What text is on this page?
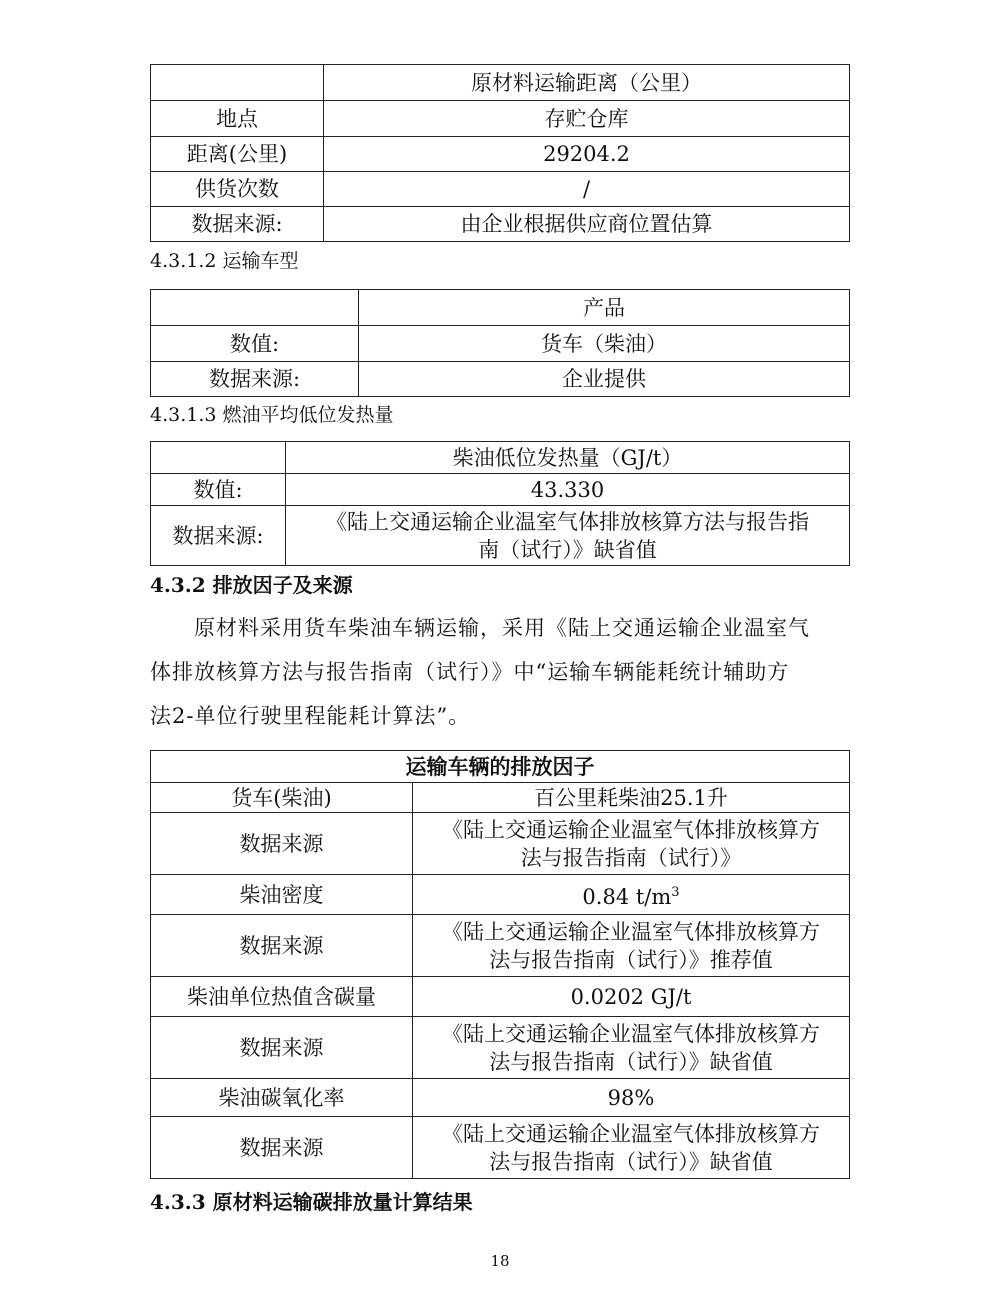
	原材料运输距离（公里）
地点	存贮仓库
距离(公里)	29204.2
供货次数	/
数据来源:	由企业根据供应商位置估算
4.3.1.2 运输车型
	产品
数值:	货车（柴油）
数据来源:	企业提供
4.3.1.3 燃油平均低位发热量
	柴油低位发热量（GJ/t）
数值:	43.330
数据来源:	《陆上交通运输企业温室气体排放核算方法与报告指
南（试行）》缺省值
4.3.2 排放因子及来源

原材料采用货车柴油车辆运输，采用《陆上交通运输企业温室气

体排放核算方法与报告指南（试行）》中“运输车辆能耗统计辅助方

法2-单位行驶里程能耗计算法”。

运输车辆的排放因子	
货车(柴油)	百公里耗柴油25.1升
数据来源	《陆上交通运输企业温室气体排放核算方
法与报告指南（试行）》

柴油密度	0.84 $t/m^3$
数据来源	《陆上交通运输企业温室气体排放核算方
法与报告指南（试行）》推荐值

柴油单位热值含碳量	0.0202 GJ/t
数据来源	《陆上交通运输企业温室气体排放核算方
法与报告指南（试行）》缺省值

柴油碳氧化率	98%
数据来源	《陆上交通运输企业温室气体排放核算方
法与报告指南（试行）》缺省值
4.3.3 原材料运输碳排放量计算结果
18
